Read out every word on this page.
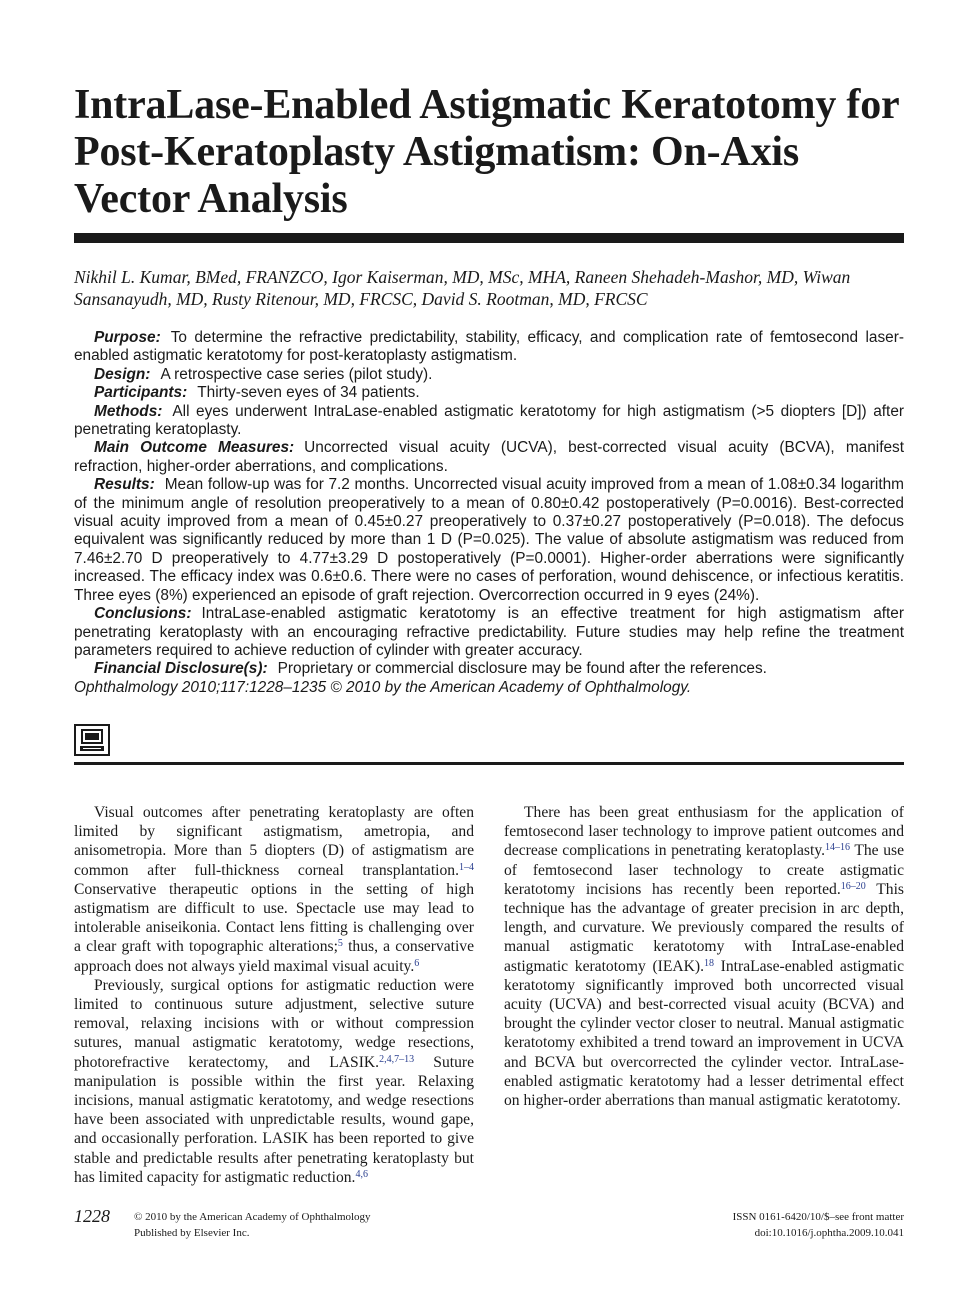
IntraLase-Enabled Astigmatic Keratotomy for Post-Keratoplasty Astigmatism: On-Axis Vector Analysis

Nikhil L. Kumar, BMed, FRANZCO, Igor Kaiserman, MD, MSc, MHA, Raneen Shehadeh-Mashor, MD, Wiwan Sansanayudh, MD, Rusty Ritenour, MD, FRCSC, David S. Rootman, MD, FRCSC

Purpose: To determine the refractive predictability, stability, efficacy, and complication rate of femtosecond laser-enabled astigmatic keratotomy for post-keratoplasty astigmatism.

Design: A retrospective case series (pilot study).

Participants: Thirty-seven eyes of 34 patients.

Methods: All eyes underwent IntraLase-enabled astigmatic keratotomy for high astigmatism (>5 diopters [D]) after penetrating keratoplasty.

Main Outcome Measures: Uncorrected visual acuity (UCVA), best-corrected visual acuity (BCVA), manifest refraction, higher-order aberrations, and complications.

Results: Mean follow-up was for 7.2 months. Uncorrected visual acuity improved from a mean of 1.08±0.34 logarithm of the minimum angle of resolution preoperatively to a mean of 0.80±0.42 postoperatively (P=0.0016). Best-corrected visual acuity improved from a mean of 0.45±0.27 preoperatively to 0.37±0.27 postoperatively (P=0.018). The defocus equivalent was significantly reduced by more than 1 D (P=0.025). The value of absolute astigmatism was reduced from 7.46±2.70 D preoperatively to 4.77±3.29 D postoperatively (P=0.0001). Higher-order aberrations were significantly increased. The efficacy index was 0.6±0.6. There were no cases of perforation, wound dehiscence, or infectious keratitis. Three eyes (8%) experienced an episode of graft rejection. Overcorrection occurred in 9 eyes (24%).

Conclusions: IntraLase-enabled astigmatic keratotomy is an effective treatment for high astigmatism after penetrating keratoplasty with an encouraging refractive predictability. Future studies may help refine the treatment parameters required to achieve reduction of cylinder with greater accuracy.

Financial Disclosure(s): Proprietary or commercial disclosure may be found after the references.

Ophthalmology 2010;117:1228–1235 © 2010 by the American Academy of Ophthalmology.

Visual outcomes after penetrating keratoplasty are often limited by significant astigmatism, ametropia, and anisometropia. More than 5 diopters (D) of astigmatism are common after full-thickness corneal transplantation.$^{1-4}$ Conservative therapeutic options in the setting of high astigmatism are difficult to use. Spectacle use may lead to intolerable aniseikonia. Contact lens fitting is challenging over a clear graft with topographic alterations;$^5$ thus, a conservative approach does not always yield maximal visual acuity.$^6$

Previously, surgical options for astigmatic reduction were limited to continuous suture adjustment, selective suture removal, relaxing incisions with or without compression sutures, manual astigmatic keratotomy, wedge resections, photorefractive keratectomy, and LASIK.$^{2,4,7-13}$ Suture manipulation is possible within the first year. Relaxing incisions, manual astigmatic keratotomy, and wedge resections have been associated with unpredictable results, wound gape, and occasionally perforation. LASIK has been reported to give stable and predictable results after penetrating keratoplasty but has limited capacity for astigmatic reduction.$^{4,6}$

There has been great enthusiasm for the application of femtosecond laser technology to improve patient outcomes and decrease complications in penetrating keratoplasty.$^{14-16}$ The use of femtosecond laser technology to create astigmatic keratotomy incisions has recently been reported.$^{16-20}$ This technique has the advantage of greater precision in arc depth, length, and curvature. We previously compared the results of manual astigmatic keratotomy with IntraLase-enabled astigmatic keratotomy (IEAK).$^{18}$ IntraLase-enabled astigmatic keratotomy significantly improved both uncorrected visual acuity (UCVA) and best-corrected visual acuity (BCVA) and brought the cylinder vector closer to neutral. Manual astigmatic keratotomy exhibited a trend toward an improvement in UCVA and BCVA but overcorrected the cylinder vector. IntraLase-enabled astigmatic keratotomy had a lesser detrimental effect on higher-order aberrations than manual astigmatic keratotomy.

1228 © 2010 by the American Academy of Ophthalmology
Published by Elsevier Inc.
ISSN 0161-6420/10/$–see front matter
doi:10.1016/j.ophtha.2009.10.041
